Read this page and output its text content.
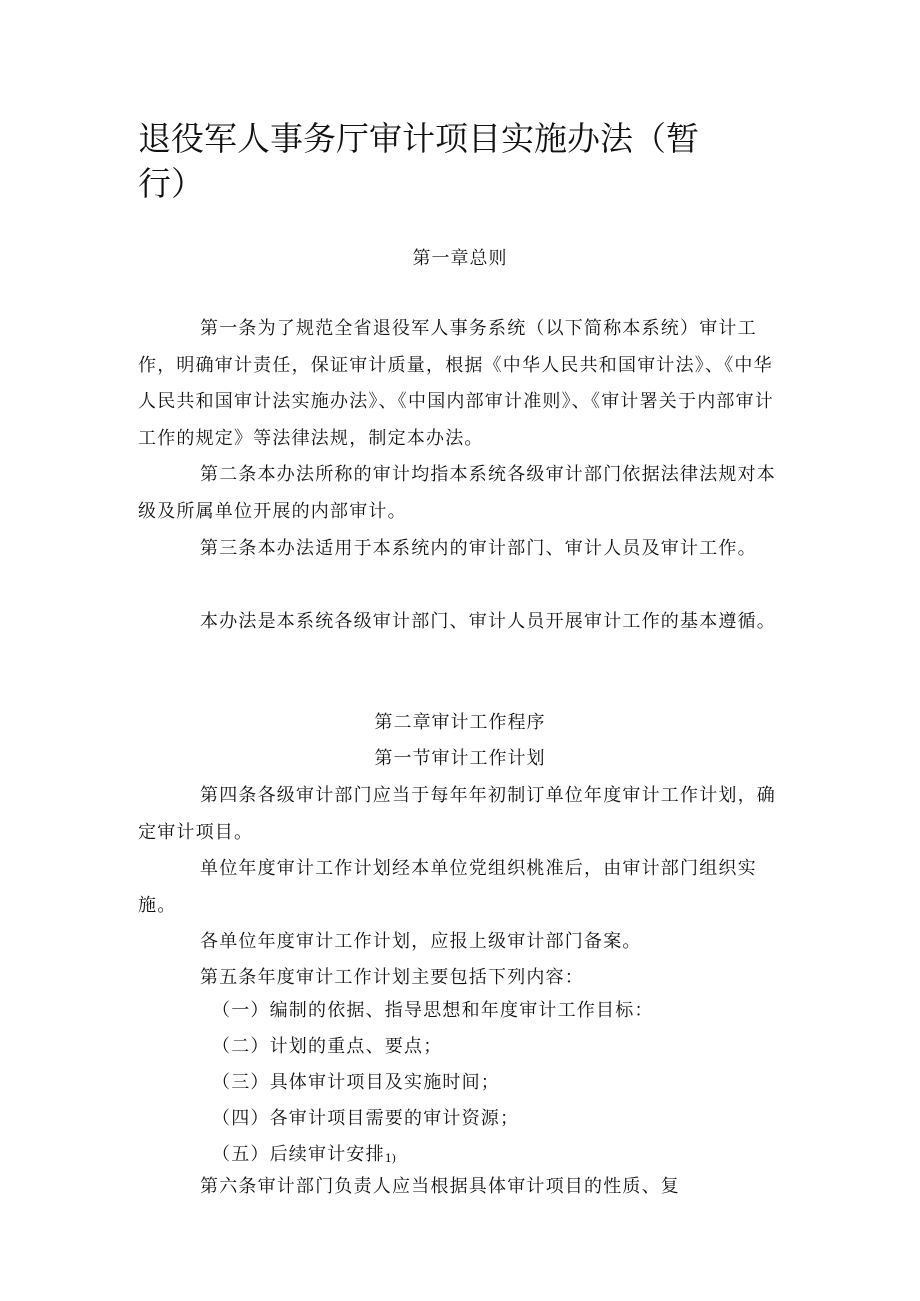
退役军人事务厅审计项目实施办法（暂行）

第一章总则

第一条为了规范全省退役军人事务系统（以下简称本系统）审计工作，明确审计责任，保证审计质量，根据《中华人民共和国审计法》、《中华人民共和国审计法实施办法》、《中国内部审计准则》、《审计署关于内部审计工作的规定》等法律法规，制定本办法。

第二条本办法所称的审计均指本系统各级审计部门依据法律法规对本级及所属单位开展的内部审计。

第三条本办法适用于本系统内的审计部门、审计人员及审计工作。

本办法是本系统各级审计部门、审计人员开展审计工作的基本遵循。

第二章审计工作程序

第一节审计工作计划

第四条各级审计部门应当于每年年初制订单位年度审计工作计划，确定审计项目。

单位年度审计工作计划经本单位党组织桃准后，由审计部门组织实施。

各单位年度审计工作计划，应报上级审计部门备案。

第五条年度审计工作计划主要包括下列内容：

（一）编制的依据、指导思想和年度审计工作目标：

（二）计划的重点、要点；

（三）具体审计项目及实施时间；

（四）各审计项目需要的审计资源；

（五）后续审计安排1)

第六条审计部门负责人应当根据具体审计项目的性质、复
